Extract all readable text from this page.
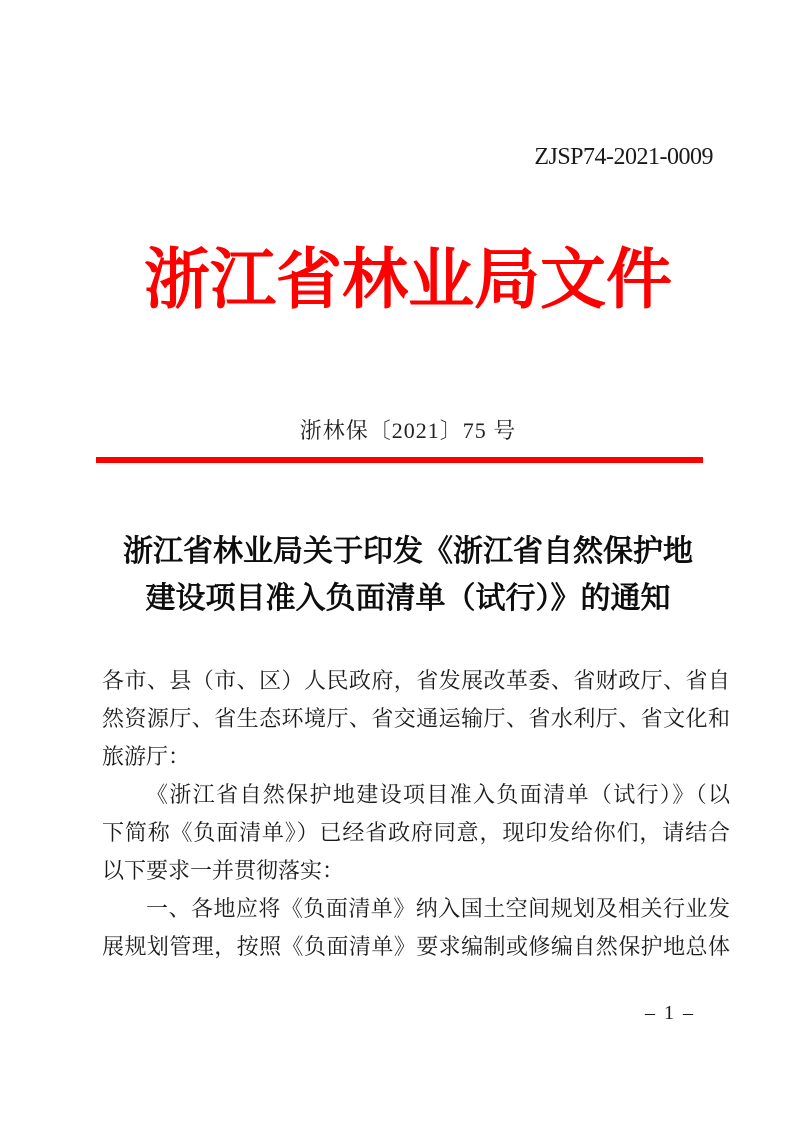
ZJSP74-2021-0009
浙江省林业局文件
浙林保〔2021〕75 号
浙江省林业局关于印发《浙江省自然保护地
建设项目准入负面清单（试行）》的通知
各市、县（市、区）人民政府，省发展改革委、省财政厅、省自
然资源厅、省生态环境厅、省交通运输厅、省水利厅、省文化和
旅游厅：
《浙江省自然保护地建设项目准入负面清单（试行）》（以
下简称《负面清单》）已经省政府同意，现印发给你们，请结合
以下要求一并贯彻落实：
一、各地应将《负面清单》纳入国土空间规划及相关行业发
展规划管理，按照《负面清单》要求编制或修编自然保护地总体
– 1 –
